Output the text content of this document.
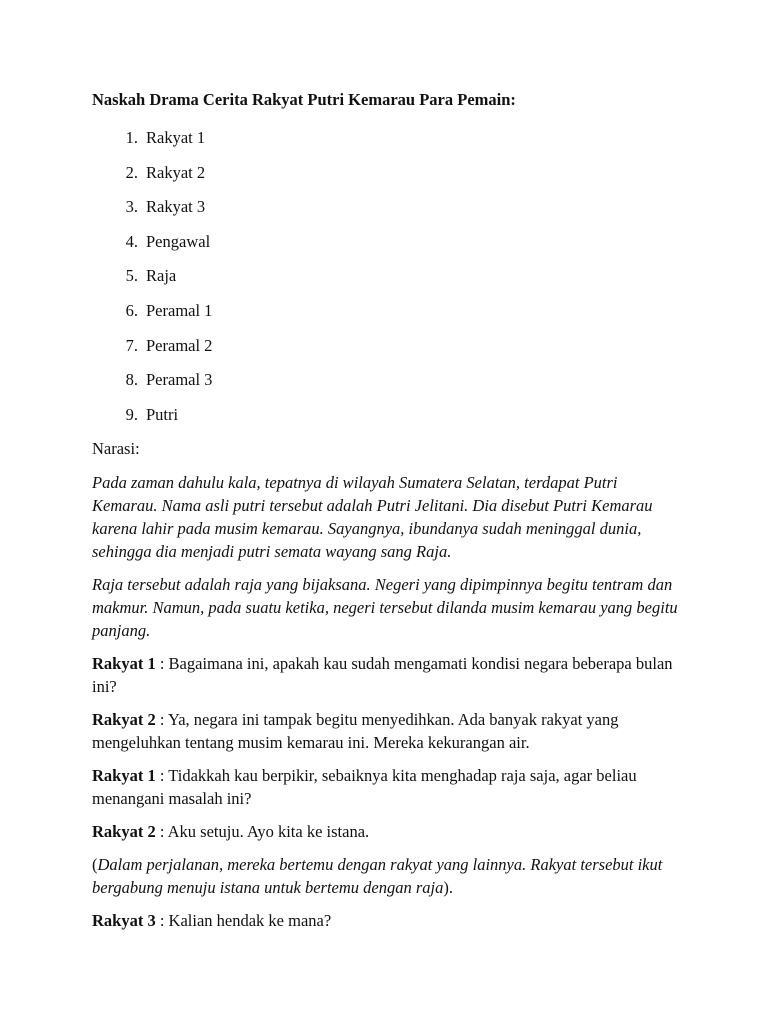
Naskah Drama Cerita Rakyat Putri Kemarau Para Pemain:
1. Rakyat 1
2. Rakyat 2
3. Rakyat 3
4. Pengawal
5. Raja
6. Peramal 1
7. Peramal 2
8. Peramal 3
9. Putri
Narasi:

Pada zaman dahulu kala, tepatnya di wilayah Sumatera Selatan, terdapat Putri Kemarau. Nama asli putri tersebut adalah Putri Jelitani. Dia disebut Putri Kemarau karena lahir pada musim kemarau. Sayangnya, ibundanya sudah meninggal dunia, sehingga dia menjadi putri semata wayang sang Raja.

Raja tersebut adalah raja yang bijaksana. Negeri yang dipimpinnya begitu tentram dan makmur. Namun, pada suatu ketika, negeri tersebut dilanda musim kemarau yang begitu panjang.

Rakyat 1 : Bagaimana ini, apakah kau sudah mengamati kondisi negara beberapa bulan ini?

Rakyat 2 : Ya, negara ini tampak begitu menyedihkan. Ada banyak rakyat yang mengeluhkan tentang musim kemarau ini. Mereka kekurangan air.

Rakyat 1 : Tidakkah kau berpikir, sebaiknya kita menghadap raja saja, agar beliau menangani masalah ini?

Rakyat 2 : Aku setuju. Ayo kita ke istana.

(Dalam perjalanan, mereka bertemu dengan rakyat yang lainnya. Rakyat tersebut ikut bergabung menuju istana untuk bertemu dengan raja).

Rakyat 3 : Kalian hendak ke mana?
